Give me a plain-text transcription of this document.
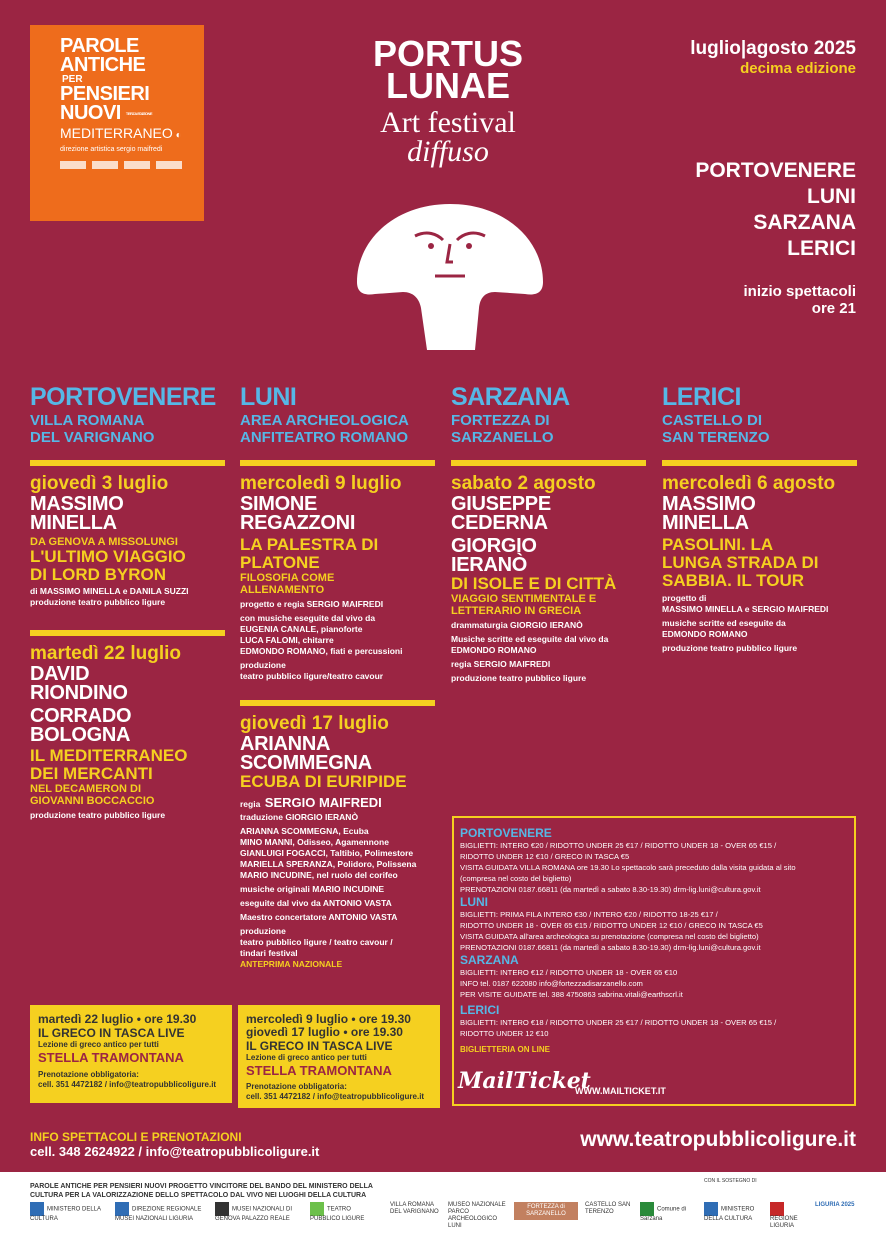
PAROLE
ANTICHE
PER
PENSIERI
NUOVI TERZA EDIZIONE
MEDITERRANEO ◐
direzione artistica sergio maifredi
PORTUS
LUNAE
Art festival
diffuso
luglio|agosto 2025
decima edizione
PORTOVENERE
LUNI
SARZANA
LERICI
inizio spettacoli
ore 21
PORTOVENERE
VILLA ROMANA
DEL VARIGNANO
LUNI
AREA ARCHEOLOGICA
ANFITEATRO ROMANO
SARZANA
FORTEZZA DI
SARZANELLO
LERICI
CASTELLO DI
SAN TERENZO
giovedì 3 luglio
MASSIMO
MINELLA
DA GENOVA A MISSOLUNGI
L'ULTIMO VIAGGIO
DI LORD BYRON
di MASSIMO MINELLA e DANILA SUZZI
produzione teatro pubblico ligure
martedì 22 luglio
DAVID
RIONDINO
CORRADO
BOLOGNA
IL MEDITERRANEO
DEI MERCANTI
NEL DECAMERON DI
GIOVANNI BOCCACCIO
produzione teatro pubblico ligure
mercoledì 9 luglio
SIMONE
REGAZZONI
LA PALESTRA DI
PLATONE
FILOSOFIA COME
ALLENAMENTO
progetto e regia SERGIO MAIFREDI
con musiche eseguite dal vivo da
EUGENIA CANALE, pianoforte
LUCA FALOMI, chitarre
EDMONDO ROMANO, fiati e percussioni
produzione
teatro pubblico ligure/teatro cavour
giovedì 17 luglio
ARIANNA
SCOMMEGNA
ECUBA DI EURIPIDE
regia SERGIO MAIFREDI
traduzione GIORGIO IERANÒ
ARIANNA SCOMMEGNA, Ecuba
MINO MANNI, Odisseo, Agamennone
GIANLUIGI FOGACCI, Taltibio, Polimestore
MARIELLA SPERANZA, Polidoro, Polissena
MARIO INCUDINE, nel ruolo del corifeo
musiche originali MARIO INCUDINE
eseguite dal vivo da ANTONIO VASTA
Maestro concertatore ANTONIO VASTA
produzione
teatro pubblico ligure / teatro cavour /
tindari festival
ANTEPRIMA NAZIONALE
sabato 2 agosto
GIUSEPPE
CEDERNA
GIORGIO
IERANÒ
DI ISOLE E DI CITTÀ
VIAGGIO SENTIMENTALE E
LETTERARIO IN GRECIA
drammaturgia GIORGIO IERANÒ
Musiche scritte ed eseguite dal vivo da
EDMONDO ROMANO
regia SERGIO MAIFREDI
produzione teatro pubblico ligure
mercoledì 6 agosto
MASSIMO
MINELLA
PASOLINI. LA
LUNGA STRADA DI
SABBIA. IL TOUR
progetto di
MASSIMO MINELLA e SERGIO MAIFREDI
musiche scritte ed eseguite da
EDMONDO ROMANO
produzione teatro pubblico ligure
PORTOVENERE
BIGLIETTI: INTERO €20 / RIDOTTO UNDER 25 €17 / RIDOTTO UNDER 18 - OVER 65 €15 /
RIDOTTO UNDER 12 €10 / GRECO IN TASCA €5
VISITA GUIDATA VILLA ROMANA ore 19.30 Lo spettacolo sarà preceduto dalla visita guidata al sito
(compresa nel costo del biglietto)
PRENOTAZIONI 0187.66811 (da martedì a sabato 8.30-19.30) drm-lig.luni@cultura.gov.it
LUNI
BIGLIETTI: PRIMA FILA INTERO €30 / INTERO €20 / RIDOTTO 18-25 €17 /
RIDOTTO UNDER 18 - OVER 65 €15 / RIDOTTO UNDER 12 €10 / GRECO IN TASCA €5
VISITA GUIDATA all'area archeologica su prenotazione (compresa nel costo del biglietto)
PRENOTAZIONI 0187.66811 (da martedì a sabato 8.30-19.30) drm-lig.luni@cultura.gov.it
SARZANA
BIGLIETTI: INTERO €12 / RIDOTTO UNDER 18 - OVER 65 €10
INFO tel. 0187 622080 info@fortezzadisarzanello.com
PER VISITE GUIDATE tel. 388 4750863 sabrina.vitali@earthscrl.it
LERICI
BIGLIETTI: INTERO €18 / RIDOTTO UNDER 25 €17 / RIDOTTO UNDER 18 - OVER 65 €15 /
RIDOTTO UNDER 12 €10
BIGLIETTERIA ON LINE
MailTicket
WWW.MAILTICKET.IT
martedì 22 luglio • ore 19.30
IL GRECO IN TASCA LIVE
Lezione di greco antico per tutti
STELLA TRAMONTANA
Prenotazione obbligatoria:
cell. 351 4472182 / info@teatropubblicoligure.it
mercoledì 9 luglio • ore 19.30
giovedì 17 luglio • ore 19.30
IL GRECO IN TASCA LIVE
Lezione di greco antico per tutti
STELLA TRAMONTANA
Prenotazione obbligatoria:
cell. 351 4472182 / info@teatropubblicoligure.it
INFO SPETTACOLI E PRENOTAZIONI
cell. 348 2624922 / info@teatropubblicoligure.it
www.teatropubblicoligure.it
PAROLE ANTICHE PER PENSIERI NUOVI PROGETTO VINCITORE DEL BANDO DEL MINISTERO DELLA CULTURA PER LA VALORIZZAZIONE DELLO SPETTACOLO DAL VIVO NEI LUOGHI DELLA CULTURA
CON IL SOSTEGNO DI
MINISTERO DELLA CULTURA
DIREZIONE REGIONALE MUSEI NAZIONALI LIGURIA
MUSEI NAZIONALI DI GENOVA PALAZZO REALE
TEATRO PUBBLICO LIGURE
VILLA ROMANA DEL VARIGNANO
MUSEO NAZIONALE PARCO ARCHEOLOGICO LUNI
FORTEZZA di SARZANELLO
CASTELLO SAN TERENZO	Comune di Sarzana
MINISTERO DELLA CULTURA	REGIONE LIGURIA
LIGURIA 2025
